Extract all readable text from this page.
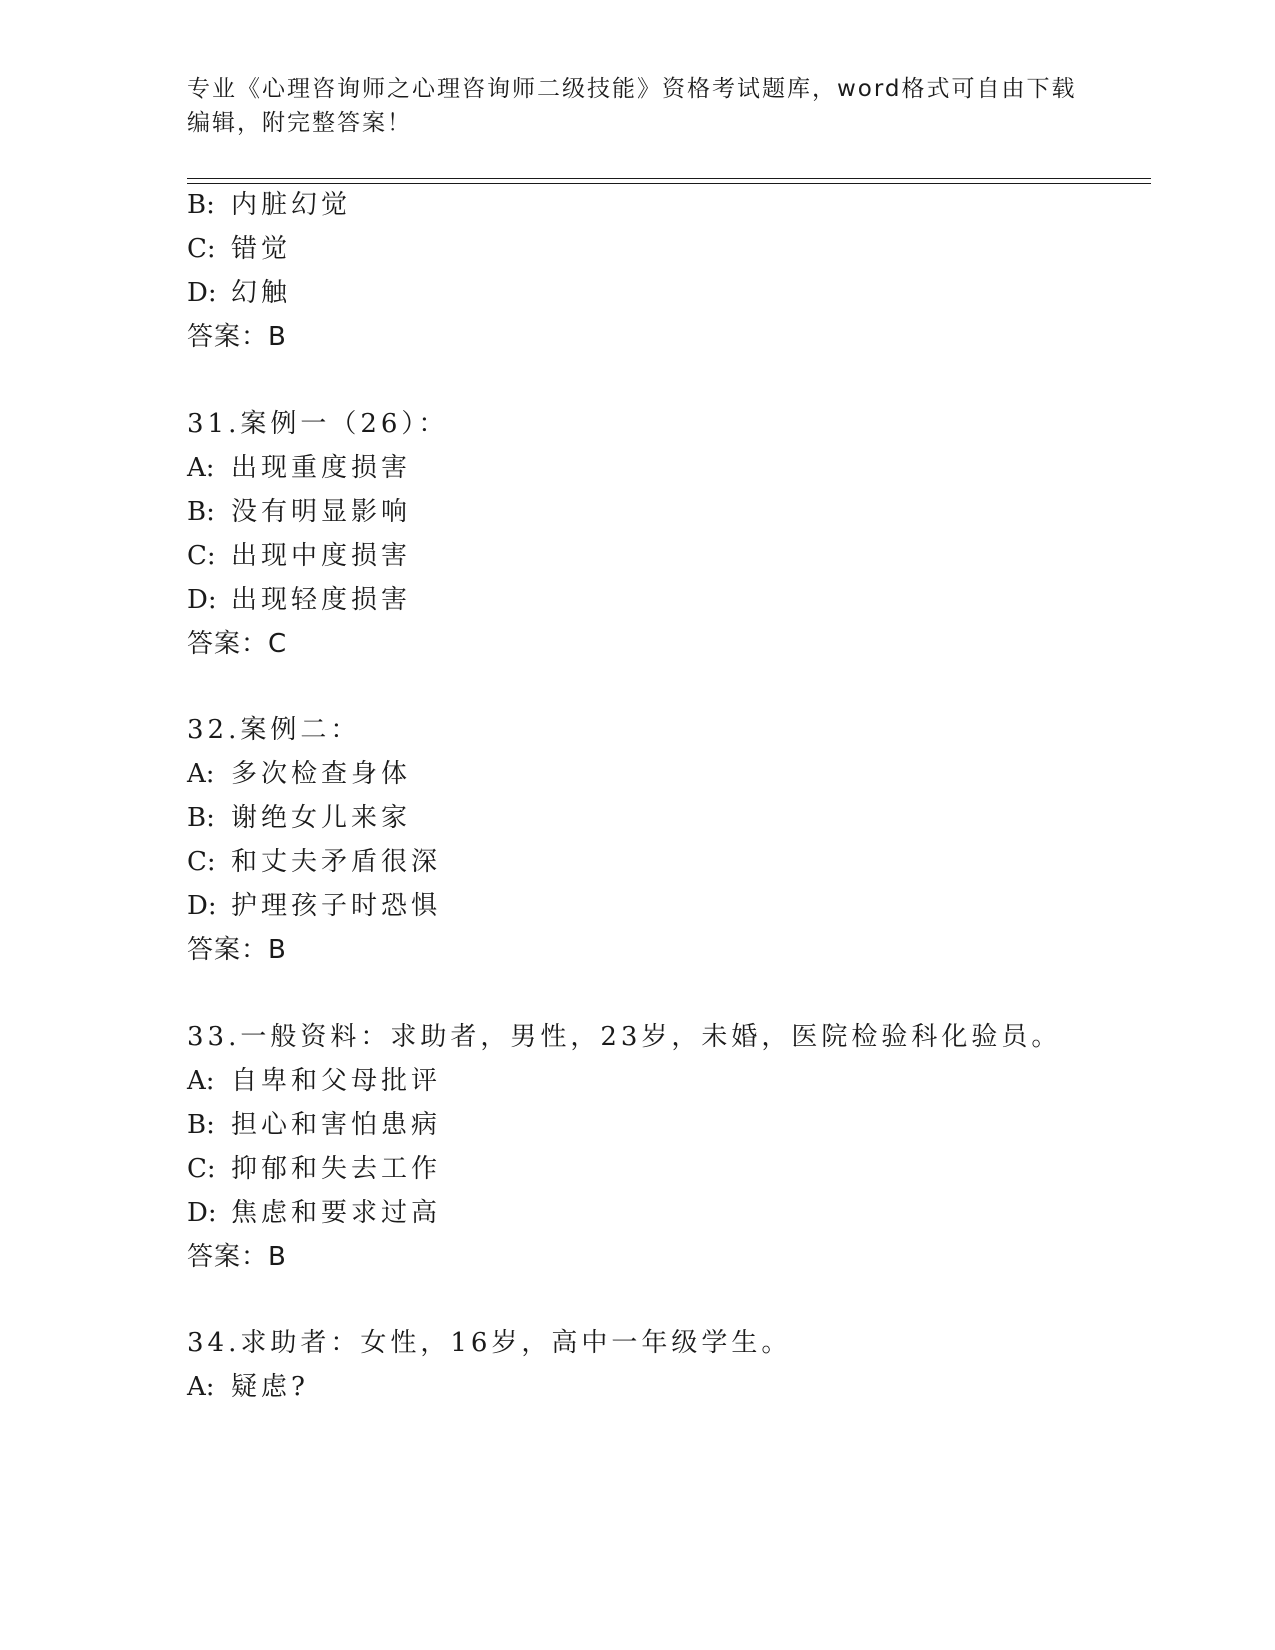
专业《心理咨询师之心理咨询师二级技能》资格考试题库，word格式可自由下载
编辑，附完整答案！
B: 内脏幻觉
C: 错觉
D: 幻触
答案：B
31.案例一（26）：
A: 出现重度损害
B: 没有明显影响
C: 出现中度损害
D: 出现轻度损害
答案：C
32.案例二：
A: 多次检查身体
B: 谢绝女儿来家
C: 和丈夫矛盾很深
D: 护理孩子时恐惧
答案：B
33.一般资料：求助者，男性，23岁，未婚，医院检验科化验员。
A: 自卑和父母批评
B: 担心和害怕患病
C: 抑郁和失去工作
D: 焦虑和要求过高
答案：B
34.求助者：女性，16岁，高中一年级学生。
A: 疑虑?
